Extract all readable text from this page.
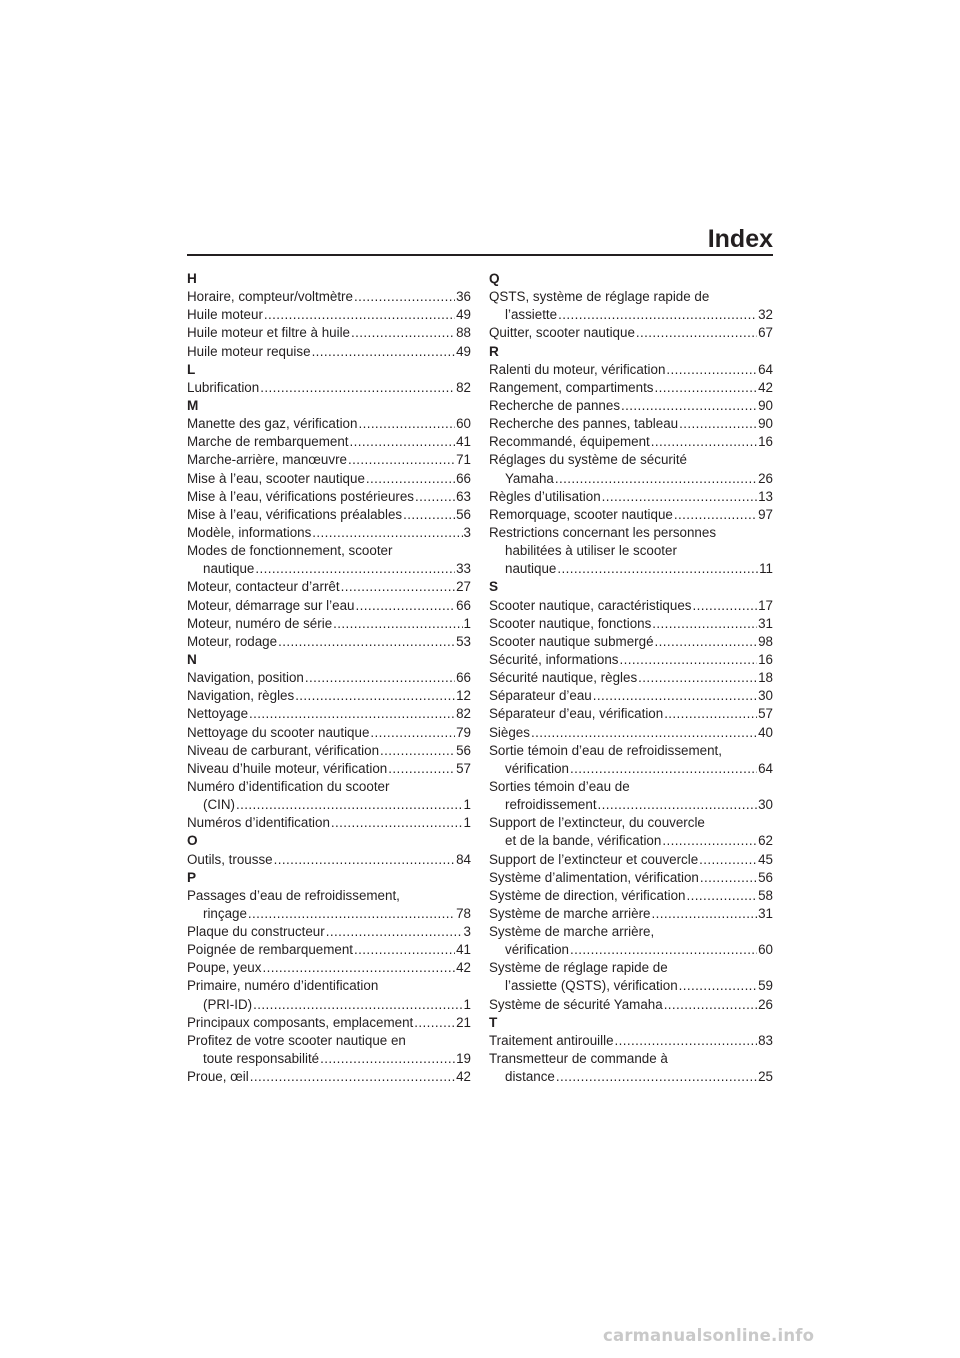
Index
H
Horaire, compteur/voltmètre .....	36
Huile moteur .....	49
Huile moteur et filtre à huile .....	88
Huile moteur requise .....	49
L
Lubrification .....	82
M
Manette des gaz, vérification .....	60
Marche de rembarquement .....	41
Marche-arrière, manœuvre .....	71
Mise à l’eau, scooter nautique .....	66
Mise à l’eau, vérifications postérieures .....	63
Mise à l’eau, vérifications préalables .....	56
Modèle, informations .....	3
Modes de fonctionnement, scooter
nautique .....	33
Moteur, contacteur d’arrêt .....	27
Moteur, démarrage sur l’eau .....	66
Moteur, numéro de série .....	1
Moteur, rodage .....	53
N
Navigation, position .....	66
Navigation, règles .....	12
Nettoyage .....	82
Nettoyage du scooter nautique .....	79
Niveau de carburant, vérification .....	56
Niveau d’huile moteur, vérification .....	57
Numéro d’identification du scooter
(CIN) .....	1
Numéros d’identification .....	1
O
Outils, trousse .....	84
P
Passages d’eau de refroidissement,
rinçage .....	78
Plaque du constructeur .....	3
Poignée de rembarquement .....	41
Poupe, yeux .....	42
Primaire, numéro d’identification
(PRI-ID) .....	1
Principaux composants, emplacement .....	21
Profitez de votre scooter nautique en
toute responsabilité .....	19
Proue, œil .....	42
Q
QSTS, système de réglage rapide de
l’assiette .....	32
Quitter, scooter nautique .....	67
R
Ralenti du moteur, vérification .....	64
Rangement, compartiments .....	42
Recherche de pannes .....	90
Recherche des pannes, tableau .....	90
Recommandé, équipement .....	16
Réglages du système de sécurité
Yamaha .....	26
Règles d’utilisation .....	13
Remorquage, scooter nautique .....	97
Restrictions concernant les personnes
habilitées à utiliser le scooter
nautique .....	11
S
Scooter nautique, caractéristiques .....	17
Scooter nautique, fonctions .....	31
Scooter nautique submergé .....	98
Sécurité, informations .....	16
Sécurité nautique, règles .....	18
Séparateur d’eau .....	30
Séparateur d’eau, vérification .....	57
Sièges .....	40
Sortie témoin d’eau de refroidissement,
vérification .....	64
Sorties témoin d’eau de
refroidissement .....	30
Support de l’extincteur, du couvercle
et de la bande, vérification .....	62
Support de l’extincteur et couvercle .....	45
Système d’alimentation, vérification .....	56
Système de direction, vérification .....	58
Système de marche arrière .....	31
Système de marche arrière,
vérification .....	60
Système de réglage rapide de
l’assiette (QSTS), vérification .....	59
Système de sécurité Yamaha .....	26
T
Traitement antirouille .....	83
Transmetteur de commande à
distance .....	25
carmanualsonline.info
